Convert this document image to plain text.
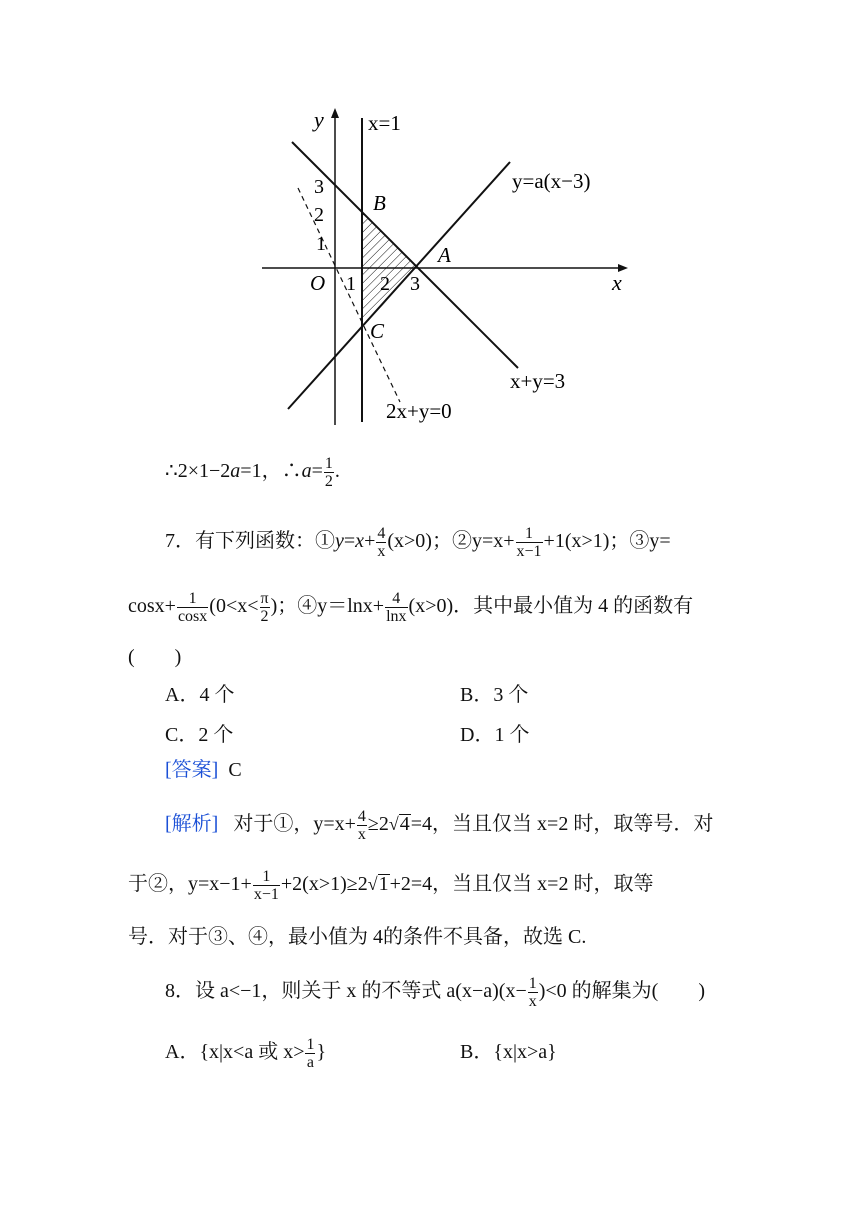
y
x
O 1 2 3
3
2
1
B
A
C
x=1
y=a(x−3)
x+y=3
2x+y=0
∴2×1−2a=1，∴a= $\frac{1}{2}$ .
7．有下列函数：①y=x+ $\frac{4}{x} (x>0)$；②y=x+ $\frac{1}{x-1} +1(x>1)$；③y=
$\cos x+ \frac{1}{\cos x} (0<x< \frac{\pi}{2}$ )；④y＝lnx+ $\frac{4}{\ln x} (x>0)$．其中最小值为 4 的函数有
(　　)
A．4 个	B．3 个
C．2 个	D．1 个
[答案] C
[解析] 对于①，$y=x+ \frac{4}{x} \ge 2√4=4$，当且仅当 x=2 时，取等号．对
于②，$y=x-1+ \frac{1}{x-1} +2(x>1)\ge 2√1+2=4$，当且仅当 x=2 时，取等
号．对于③、④，最小值为 4的条件不具备，故选 C.
8．设 a<−1，则关于 x 的不等式 $a(x-a)(x- \frac{1}{x} )<0$ 的解集为(　　)
A．{x|x<a 或 $x> \frac{1}{a}$ }	B．{x|x>a}
